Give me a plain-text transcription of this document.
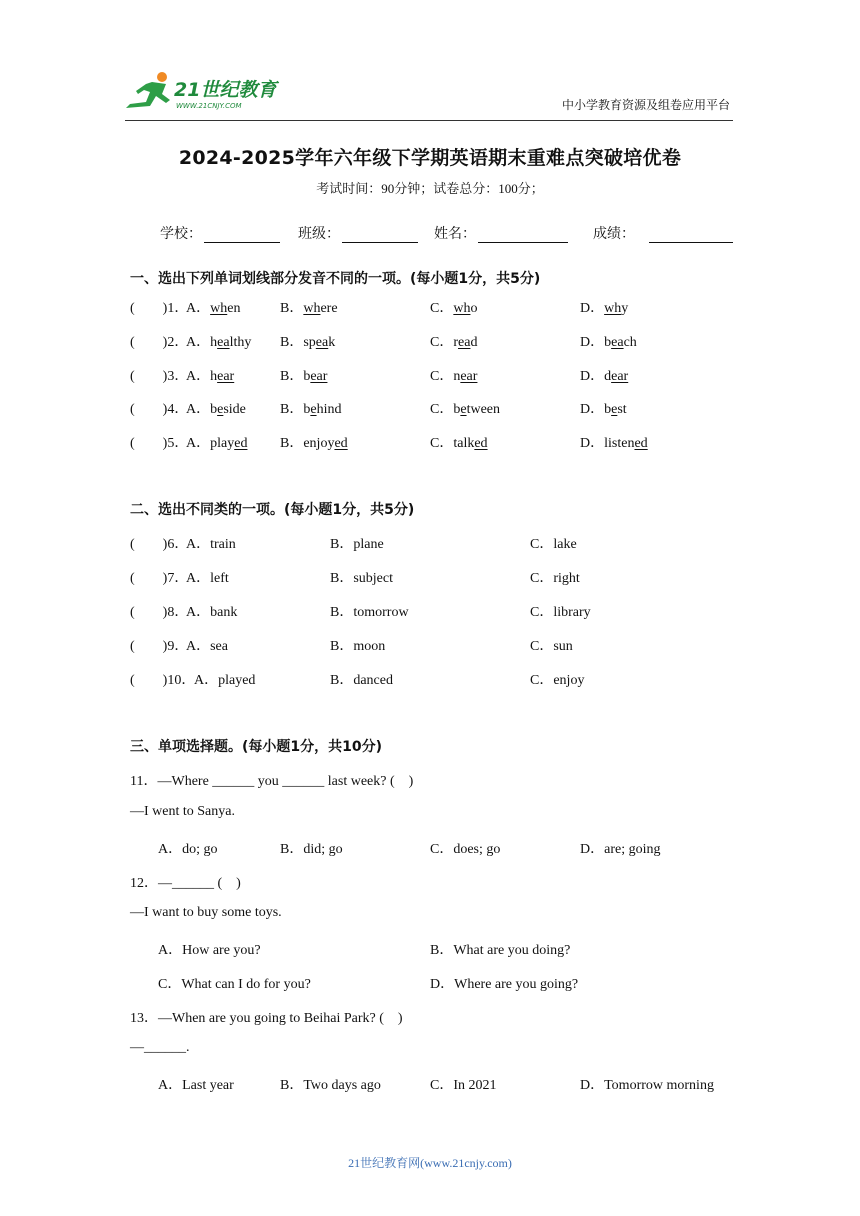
21世纪教育
WWW.21CNJY.COM	中小学教育资源及组卷应用平台
2024-2025学年六年级下学期英语期末重难点突破培优卷
考试时间：90分钟；试卷总分：100分；
学校：	班级：	姓名：	成绩：
一、选出下列单词划线部分发音不同的一项。(每小题1分，共5分)
(　　)1．
A．when	B．where	C．who	D．why
(　　)2．
A．healthy B．speak	C．read	D．beach
(　　)3．
A．hear	B．bear	C．near	D．dear
(　　)4．
A．beside B．behind	C．between	D．best
(　　)5．
A．played B．enjoyed	C．talked	D．listened
二、选出不同类的一项。(每小题1分，共5分)
(　　)6．
A．train	B．plane	C．lake
(　　)7．
A．left	B．subject	C．right
(　　)8．
A．bank	B．tomorrow	C．library
(　　)9．
A．sea	B．moon	C．sun
(　　)10．
A．played	B．danced	C．enjoy
三、单项选择题。(每小题1分，共10分)
11．—Where ______ you ______ last week? (　)
—I went to Sanya.
A．do; go	B．did; go	C．does; go	D．are; going
12．—______ (　)
—I want to buy some toys.
A．How are you?	B．What are you doing?
C．What can I do for you?	D．Where are you going?
13．—When are you going to Beihai Park? (　)
—______.
A．Last year	B．Two days ago	C．In 2021	D．Tomorrow morning
21世纪教育网(www.21cnjy.com)
